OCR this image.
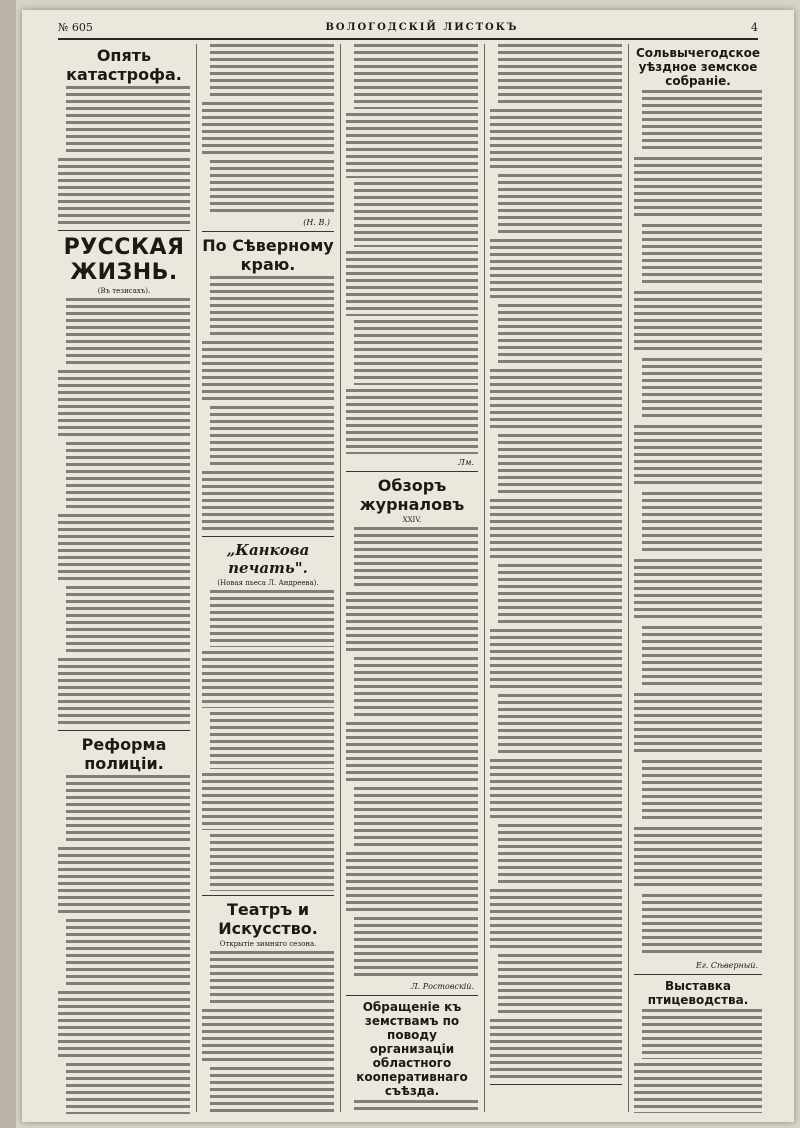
№ 605	ВОЛОГОДСКІЙ ЛИСТОКЪ	4
Опять катастрофа.
РУССКАЯ ЖИЗНЬ.
(Въ тезисахъ).
Реформа полиціи.
(Н. В.)
По Сѣверному краю.
„Канкова печать".
(Новая пьеса Л. Андреева).
Театръ и Искусство.
Открытіе зимняго сезона.
Лм.
Обзоръ журналовъ
XXIV.
Л. Ростовскій.
Обращеніе къ земствамъ по поводу организаціи областного кооперативнаго съѣзда.
Сольвычегодское уѣздное земское собраніе.
Ег. Сѣверный.
Выставка птицеводства.
